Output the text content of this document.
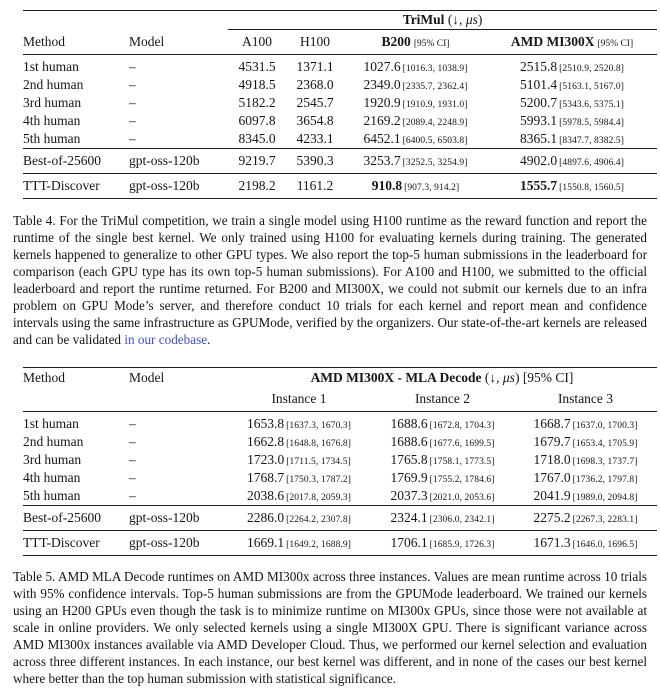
		TriMul (↓, μs)			
Method	Model	A100	H100	B200 [95% CI]	AMD MI300X [95% CI]
1st human	–	4531.5	1371.1	1027.6 [1016.3, 1038.9]	2515.8 [2510.9, 2520.8]
2nd human	–	4918.5	2368.0	2349.0 [2335.7, 2362.4]	5101.4 [5163.1, 5167.0]
3rd human	–	5182.2	2545.7	1920.9 [1910.9, 1931.0]	5200.7 [5343.6, 5375.1]
4th human	–	6097.8	3654.8	2169.2 [2089.4, 2248.9]	5993.1 [5978.5, 5984.4]
5th human	–	8345.0	4233.1	6452.1 [6400.5, 6503.8]	8365.1 [8347.7, 8382.5]
Best-of-25600	gpt-oss-120b	9219.7	5390.3	3253.7 [3252.5, 3254.9]	4902.0 [4897.6, 4906.4]
TTT-Discover	gpt-oss-120b	2198.2	1161.2	910.8 [907.3, 914.2]	1555.7 [1550.8, 1560.5]

Table 4. For the TriMul competition, we train a single model using H100 runtime as the reward function and report the runtime of the single best kernel. We only trained using H100 for evaluating kernels during training. The generated kernels happened to generalize to other GPU types. We also report the top-5 human submissions in the leaderboard for comparison (each GPU type has its own top-5 human submissions). For A100 and H100, we submitted to the official leaderboard and report the runtime returned. For B200 and MI300X, we could not submit our kernels due to an infra problem on GPU Mode’s server, and therefore conduct 10 trials for each kernel and report mean and confidence intervals using the same infrastructure as GPUMode, verified by the organizers. Our state-of-the-art kernels are released and can be validated in our codebase.

Method	Model	AMD MI300X - MLA Decode (↓, μs) [95% CI]		
		Instance 1	Instance 2	Instance 3
1st human	–	1653.8 [1637.3, 1670.3]	1688.6 [1672.8, 1704.3]	1668.7 [1637.0, 1700.3]
2nd human	–	1662.8 [1648.8, 1676.8]	1688.6 [1677.6, 1699.5]	1679.7 [1653.4, 1705.9]
3rd human	–	1723.0 [1711.5, 1734.5]	1765.8 [1758.1, 1773.5]	1718.0 [1698.3, 1737.7]
4th human	–	1768.7 [1750.3, 1787.2]	1769.9 [1755.2, 1784.6]	1767.0 [1736.2, 1797.8]
5th human	–	2038.6 [2017.8, 2059.3]	2037.3 [2021.0, 2053.6]	2041.9 [1989.0, 2094.8]
Best-of-25600	gpt-oss-120b	2286.0 [2264.2, 2307.8]	2324.1 [2306.0, 2342.1]	2275.2 [2267.3, 2283.1]
TTT-Discover	gpt-oss-120b	1669.1 [1649.2, 1688.9]	1706.1 [1685.9, 1726.3]	1671.3 [1646.0, 1696.5]

Table 5. AMD MLA Decode runtimes on AMD MI300x across three instances. Values are mean runtime across 10 trials with 95% confidence intervals. Top-5 human submissions are from the GPUMode leaderboard. We trained our kernels using an H200 GPUs even though the task is to minimize runtime on MI300x GPUs, since those were not available at scale in online providers. We only selected kernels using a single MI300X GPU. There is significant variance across AMD MI300x instances available via AMD Developer Cloud. Thus, we performed our kernel selection and evaluation across three different instances. In each instance, our best kernel was different, and in none of the cases our best kernel where better than the top human submission with statistical significance.
